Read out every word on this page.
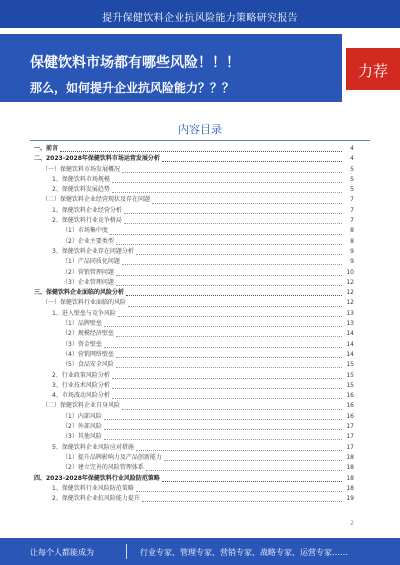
提升保健饮料企业抗风险能力策略研究报告
保健饮料市场都有哪些风险！！！
那么，如何提升企业抗风险能力？？？
力荐
内容目录
一、前言	4
二、2023-2028年保健饮料市场运营发展分析	4
（一）保健饮料市场发展概况	5
1、保健饮料市场规模	5
2、保健饮料发展趋势	5
（二）保健饮料企业经营现状及存在问题	7
1、保健饮料企业经营分析	7
2、保健饮料行业竞争格局	7
（1）市场集中度	8
（2）企业主要类型	8
3、保健饮料企业存在问题分析	9
（1）产品同质化问题	9
（2）营销管理问题	10
（3）企业管理问题	12
三、保健饮料企业面临的风险分析	12
（一）保健饮料行业面临的风险	12
1、进入壁垒与竞争风险	13
（1）品牌壁垒	13
（2）规模经济壁垒	14
（3）资金壁垒	14
（4）营销网络壁垒	14
（5）食品安全风险	15
2、行业政策风险分析	15
3、行业技术风险分析	15
4、市场波动风险分析	16
（二）保健饮料企业自身风险	16
（1）内部风险	16
（2）外部风险	17
（3）其他风险	17
5、保健饮料企业风险应对措施	17
（1）提升品牌影响力及产品创新能力	18
（2）建立完善的风险管理体系	18
四、2023-2028年保健饮料行业风险防范策略	18
1、保健饮料行业风险防范策略	18
2、保健饮料企业抗风险能力提升	19
2
让每个人都能成为	行业专家、管理专家、营销专家、战略专家、运营专家……
